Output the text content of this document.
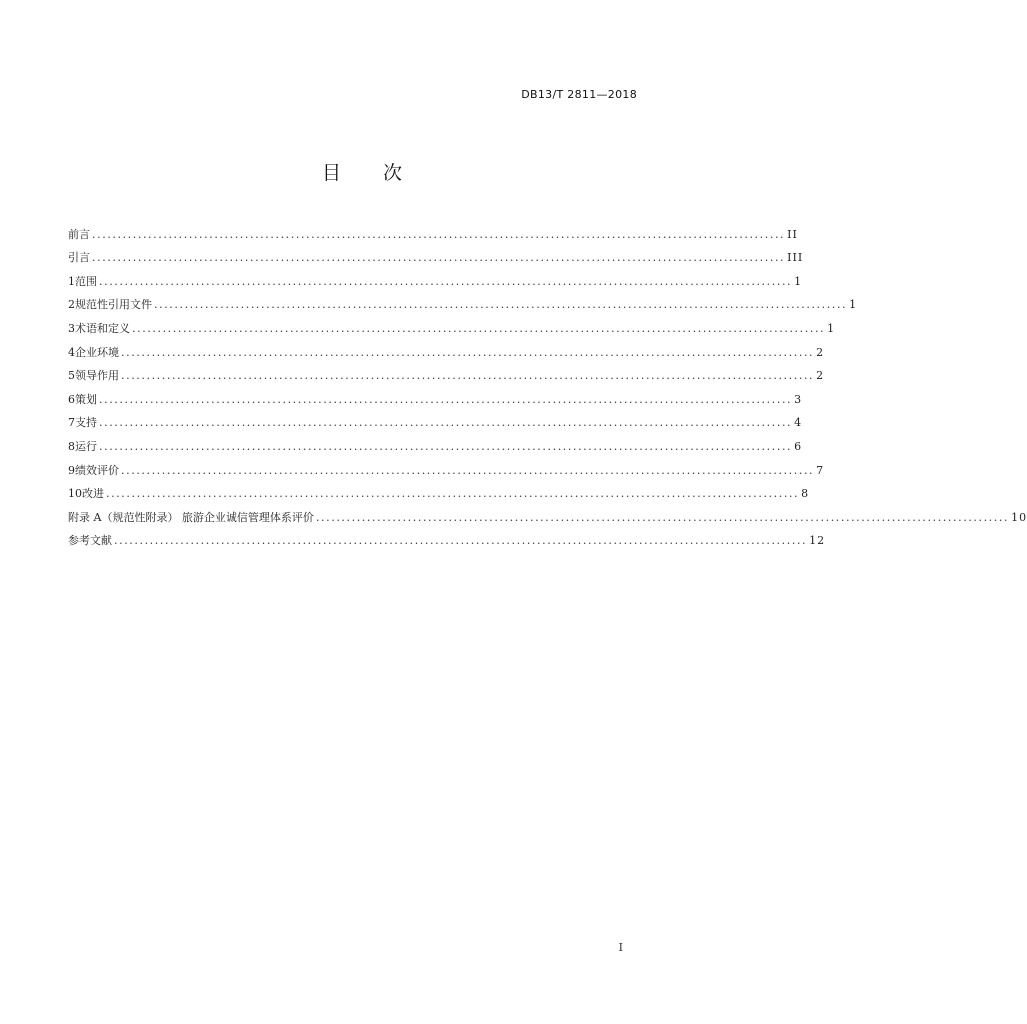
DB13/T 2811—2018
目 次
前言 ........................................................................................................................................ II
引言 ........................................................................................................................................ III
1 范围 ........................................................................................................................................ 1
2 规范性引用文件 ........................................................................................................................................ 1
3 术语和定义 ........................................................................................................................................ 1
4 企业环境 ........................................................................................................................................ 2
5 领导作用 ........................................................................................................................................ 2
6 策划 ........................................................................................................................................ 3
7 支持 ........................................................................................................................................ 4
8 运行 ........................................................................................................................................ 6
9 绩效评价 ........................................................................................................................................ 7
10 改进 ........................................................................................................................................ 8
附录 A（规范性附录） 旅游企业诚信管理体系评价 ........................................................................................................................................ 10
参考文献 ........................................................................................................................................ 12
I
